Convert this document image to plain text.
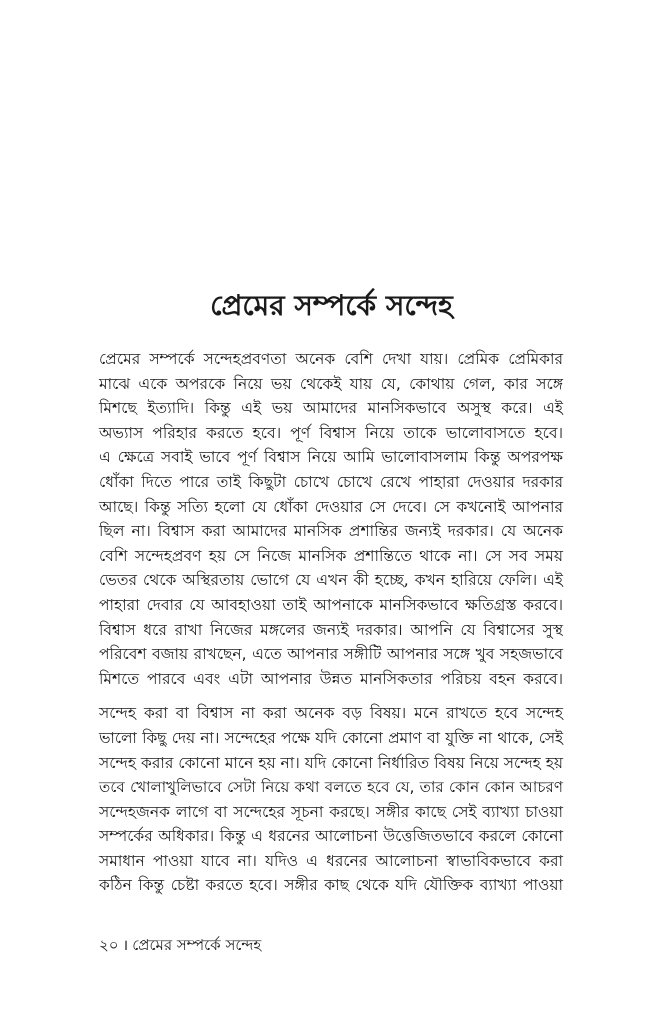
প্রেমের সম্পর্কে সন্দেহ

প্রেমের সম্পর্কে সন্দেহপ্রবণতা অনেক বেশি দেখা যায়। প্রেমিক প্রেমিকার
মাঝে একে অপরকে নিয়ে ভয় থেকেই যায় যে, কোথায় গেল, কার সঙ্গে
মিশছে ইত্যাদি। কিন্তু এই ভয় আমাদের মানসিকভাবে অসুস্থ করে। এই
অভ্যাস পরিহার করতে হবে। পূর্ণ বিশ্বাস নিয়ে তাকে ভালোবাসতে হবে।
এ ক্ষেত্রে সবাই ভাবে পূর্ণ বিশ্বাস নিয়ে আমি ভালোবাসলাম কিন্তু অপরপক্ষ
ধোঁকা দিতে পারে তাই কিছুটা চোখে চোখে রেখে পাহারা দেওয়ার দরকার
আছে। কিন্তু সত্যি হলো যে ধোঁকা দেওয়ার সে দেবে। সে কখনোই আপনার
ছিল না। বিশ্বাস করা আমাদের মানসিক প্রশান্তির জন্যই দরকার। যে অনেক
বেশি সন্দেহপ্রবণ হয় সে নিজে মানসিক প্রশান্তিতে থাকে না। সে সব সময়
ভেতর থেকে অস্থিরতায় ভোগে যে এখন কী হচ্ছে, কখন হারিয়ে ফেলি। এই
পাহারা দেবার যে আবহাওয়া তাই আপনাকে মানসিকভাবে ক্ষতিগ্রস্ত করবে।
বিশ্বাস ধরে রাখা নিজের মঙ্গলের জন্যই দরকার। আপনি যে বিশ্বাসের সুস্থ
পরিবেশ বজায় রাখছেন, এতে আপনার সঙ্গীটি আপনার সঙ্গে খুব সহজভাবে
মিশতে পারবে এবং এটা আপনার উন্নত মানসিকতার পরিচয় বহন করবে।

সন্দেহ করা বা বিশ্বাস না করা অনেক বড় বিষয়। মনে রাখতে হবে সন্দেহ
ভালো কিছু দেয় না। সন্দেহের পক্ষে যদি কোনো প্রমাণ বা যুক্তি না থাকে, সেই
সন্দেহ করার কোনো মানে হয় না। যদি কোনো নির্ধারিত বিষয় নিয়ে সন্দেহ হয়
তবে খোলাখুলিভাবে সেটা নিয়ে কথা বলতে হবে যে, তার কোন কোন আচরণ
সন্দেহজনক লাগে বা সন্দেহের সূচনা করছে। সঙ্গীর কাছে সেই ব্যাখ্যা চাওয়া
সম্পর্কের অধিকার। কিন্তু এ ধরনের আলোচনা উত্তেজিতভাবে করলে কোনো
সমাধান পাওয়া যাবে না। যদিও এ ধরনের আলোচনা স্বাভাবিকভাবে করা
কঠিন কিন্তু চেষ্টা করতে হবে। সঙ্গীর কাছ থেকে যদি যৌক্তিক ব্যাখ্যা পাওয়া

২০ । প্রেমের সম্পর্কে সন্দেহ
